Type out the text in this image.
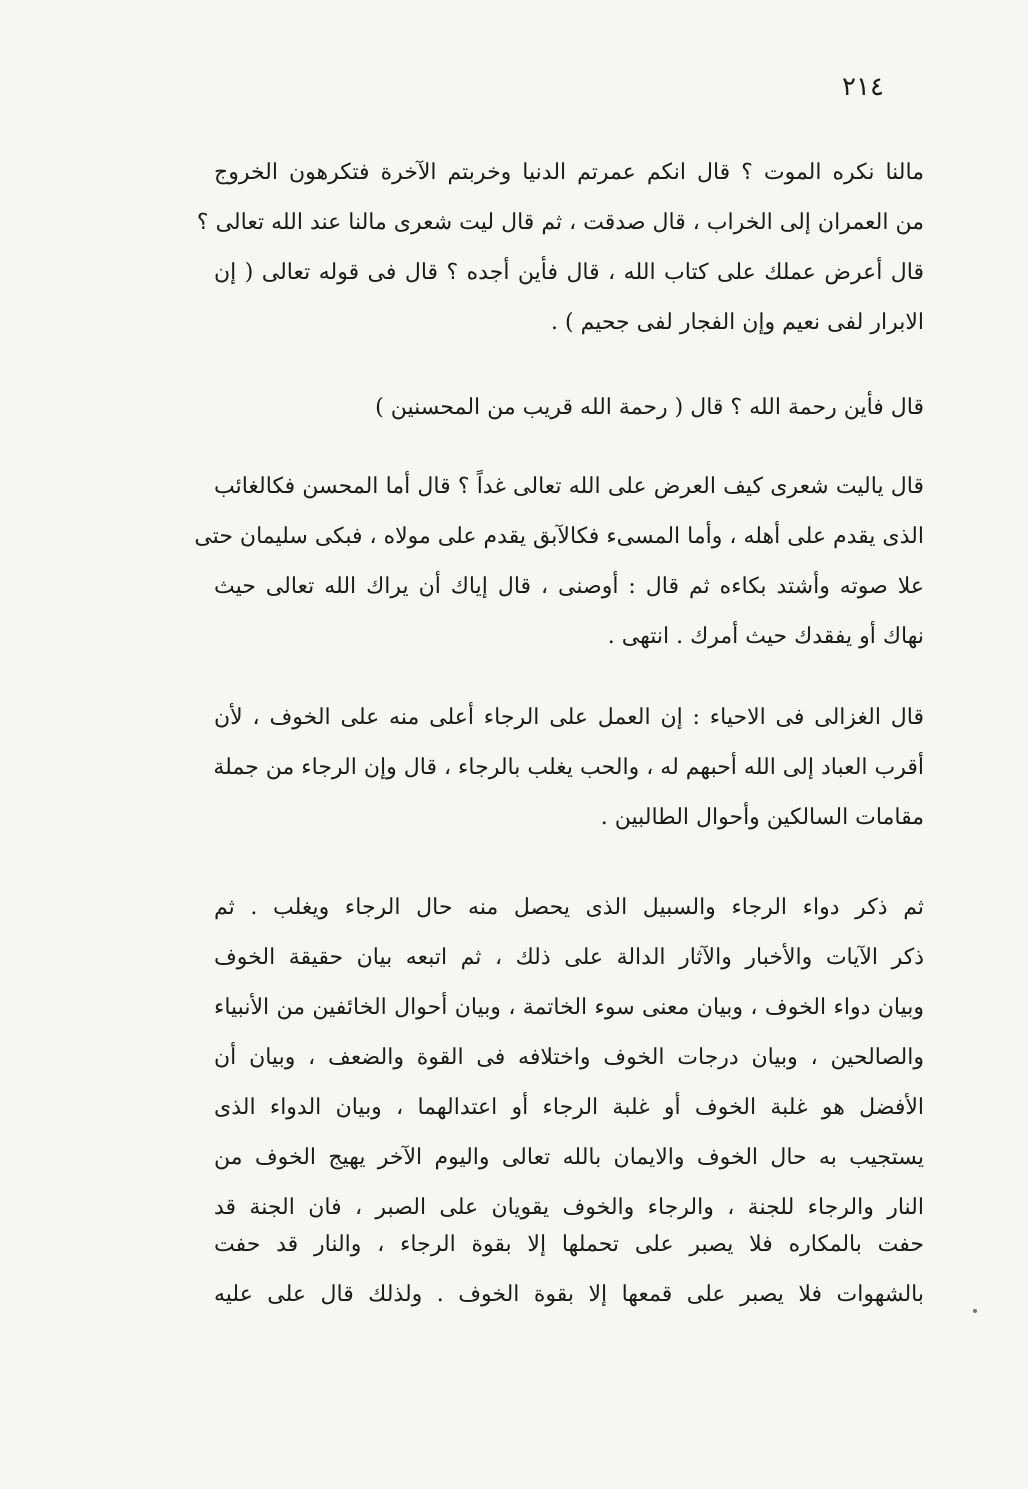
٢١٤
مالنا نكره الموت ؟ قال انكم عمرتم الدنيا وخربتم الآخرة فتكرهون الخروج
من العمران إلى الخراب ، قال صدقت ، ثم قال ليت شعرى مالنا عند الله تعالى ؟
قال أعرض عملك على كتاب الله ، قال فأين أجده ؟ قال فى قوله تعالى ( إن
الابرار لفى نعيم وإن الفجار لفى جحيم ) .
قال فأين رحمة الله ؟ قال ( رحمة الله قريب من المحسنين )
قال ياليت شعرى كيف العرض على الله تعالى غداً ؟ قال أما المحسن فكالغائب
الذى يقدم على أهله ، وأما المسىء فكالآبق يقدم على مولاه ، فبكى سليمان حتى
علا صوته وأشتد بكاءه ثم قال : أوصنى ، قال إياك أن يراك الله تعالى حيث
نهاك أو يفقدك حيث أمرك . انتهى .
قال الغزالى فى الاحياء : إن العمل على الرجاء أعلى منه على الخوف ، لأن
أقرب العباد إلى الله أحبهم له ، والحب يغلب بالرجاء ، قال وإن الرجاء من جملة
مقامات السالكين وأحوال الطالبين .
ثم ذكر دواء الرجاء والسبيل الذى يحصل منه حال الرجاء ويغلب . ثم
ذكر الآيات والأخبار والآثار الدالة على ذلك ، ثم اتبعه بيان حقيقة الخوف
وبيان دواء الخوف ، وبيان معنى سوء الخاتمة ، وبيان أحوال الخائفين من الأنبياء
والصالحين ، وبيان درجات الخوف واختلافه فى القوة والضعف ، وبيان أن
الأفضل هو غلبة الخوف أو غلبة الرجاء أو اعتدالهما ، وبيان الدواء الذى
يستجيب به حال الخوف والايمان بالله تعالى واليوم الآخر يهيج الخوف من
النار والرجاء للجنة ، والرجاء والخوف يقويان على الصبر ، فان الجنة قد
حفت بالمكاره فلا يصبر على تحملها إلا بقوة الرجاء ، والنار قد حفت
بالشهوات فلا يصبر على قمعها إلا بقوة الخوف . ولذلك قال على عليه
